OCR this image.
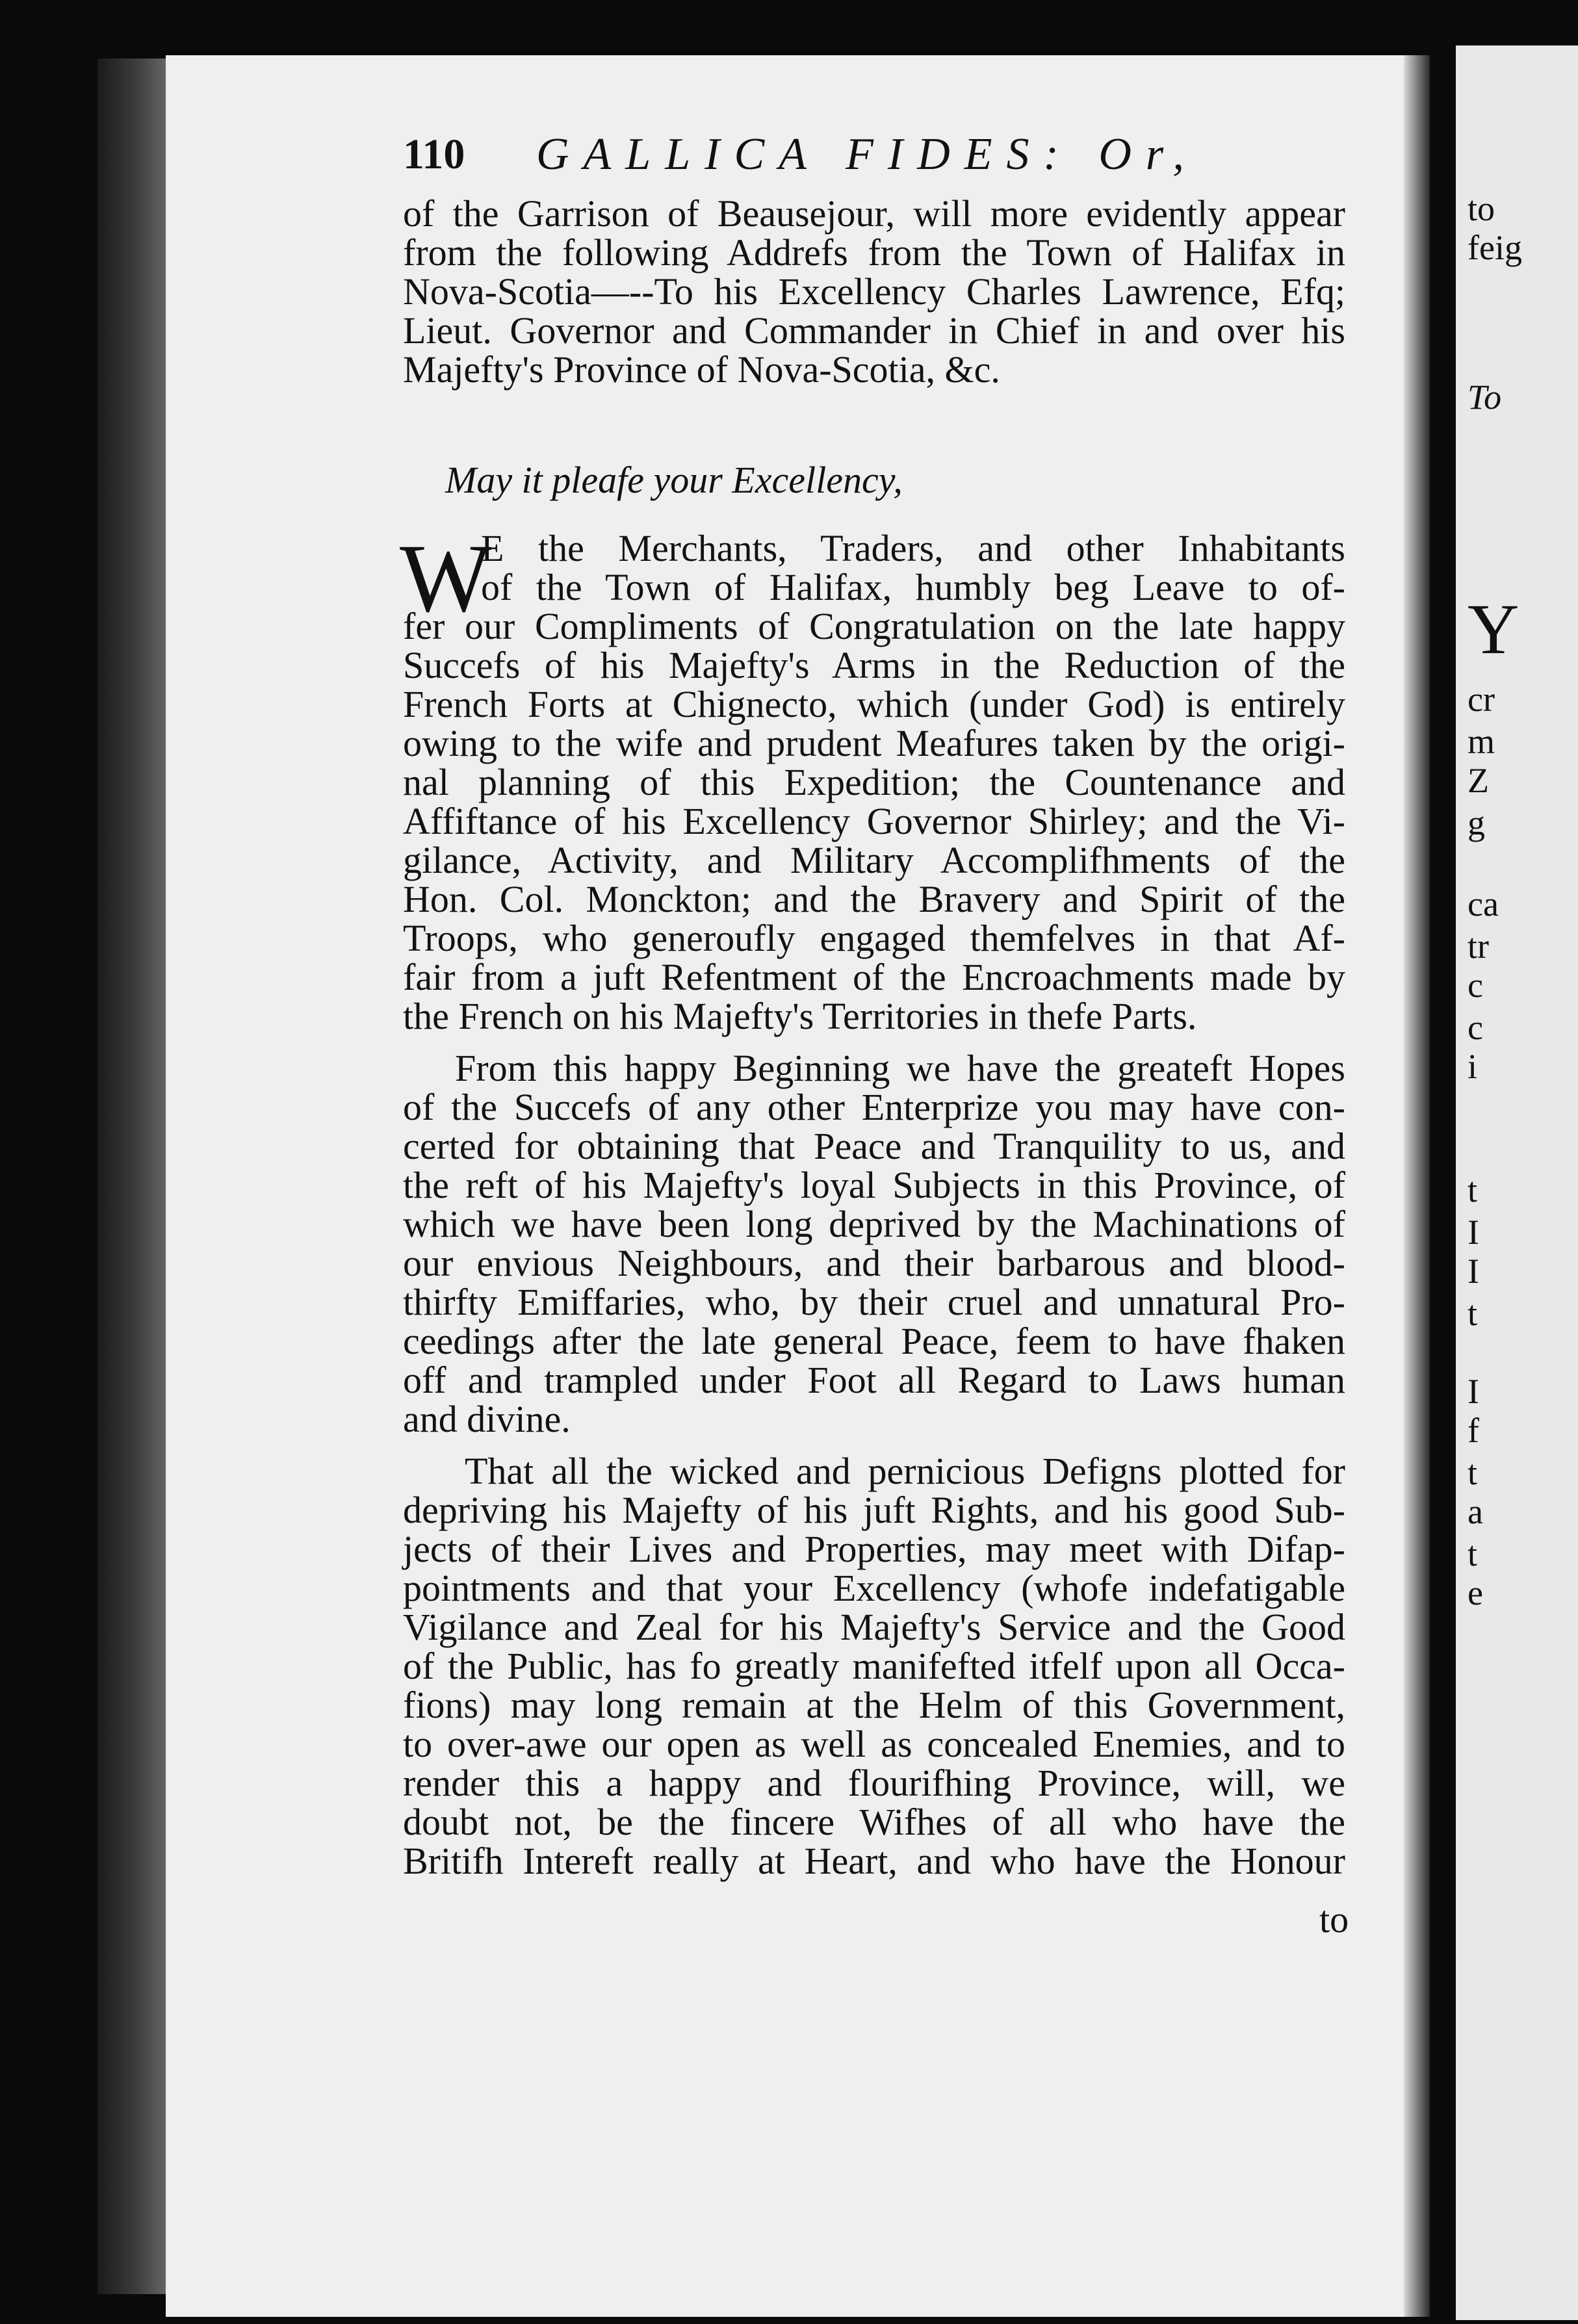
to
feig
To
Y
cr
m
Z
g
ca
tr
c
c
i
t
I
I
t
I
f
t
a
t
e
110 GALLICA FIDES: Or,
of the Garrison of Beausejour, will more evidently appear
from the following Addrefs from the Town of Halifax in
Nova-Scotia—--To his Excellency Charles Lawrence, Efq;
Lieut. Governor and Commander in Chief in and over his
Majefty's Province of Nova-Scotia, &c.
May it pleafe your Excellency,
W
E the Merchants, Traders, and other Inhabitants
of the Town of Halifax, humbly beg Leave to of-
fer our Compliments of Congratulation on the late happy
Succefs of his Majefty's Arms in the Reduction of the
French Forts at Chignecto, which (under God) is entirely
owing to the wife and prudent Meafures taken by the origi-
nal planning of this Expedition; the Countenance and
Affiftance of his Excellency Governor Shirley; and the Vi-
gilance, Activity, and Military Accomplifhments of the
Hon. Col. Monckton; and the Bravery and Spirit of the
Troops, who generoufly engaged themfelves in that Af-
fair from a juft Refentment of the Encroachments made by
the French on his Majefty's Territories in thefe Parts.
From this happy Beginning we have the greateft Hopes
of the Succefs of any other Enterprize you may have con-
certed for obtaining that Peace and Tranquility to us, and
the reft of his Majefty's loyal Subjects in this Province, of
which we have been long deprived by the Machinations of
our envious Neighbours, and their barbarous and blood-
thirfty Emiffaries, who, by their cruel and unnatural Pro-
ceedings after the late general Peace, feem to have fhaken
off and trampled under Foot all Regard to Laws human
and divine.
That all the wicked and pernicious Defigns plotted for
depriving his Majefty of his juft Rights, and his good Sub-
jects of their Lives and Properties, may meet with Difap-
pointments and that your Excellency (whofe indefatigable
Vigilance and Zeal for his Majefty's Service and the Good
of the Public, has fo greatly manifefted itfelf upon all Occa-
fions) may long remain at the Helm of this Government,
to over-awe our open as well as concealed Enemies, and to
render this a happy and flourifhing Province, will, we
doubt not, be the fincere Wifhes of all who have the
Britifh Intereft really at Heart, and who have the Honour
to
